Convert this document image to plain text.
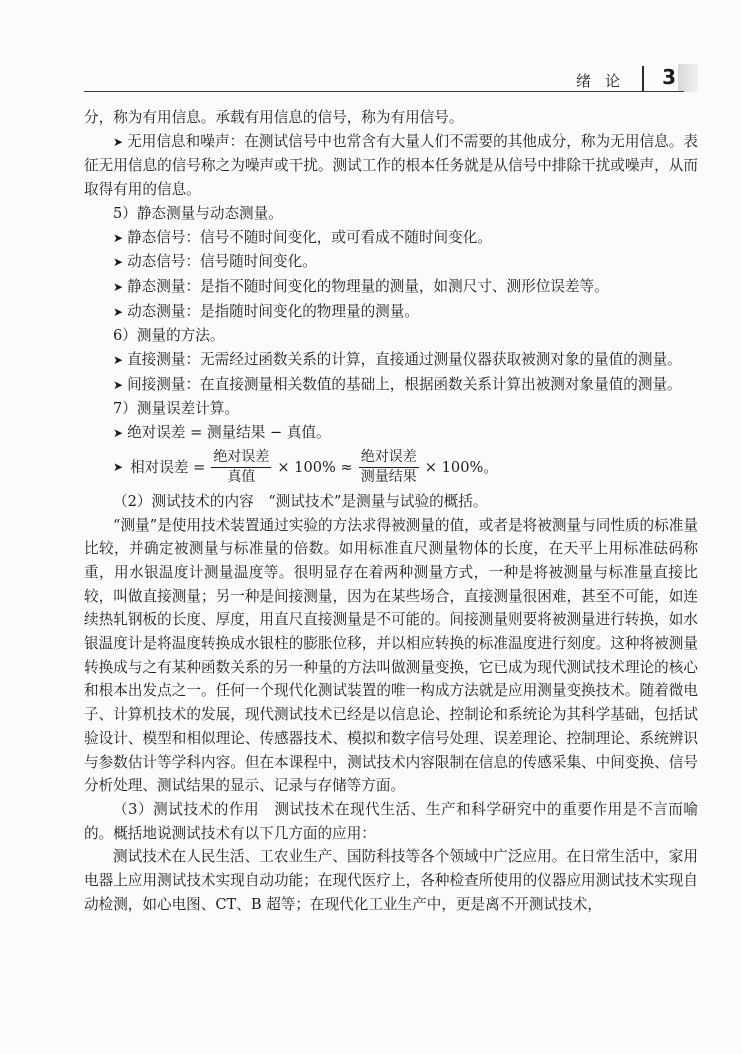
绪论 3

分，称为有用信息。承载有用信息的信号，称为有用信号。

➤ 无用信息和噪声：在测试信号中也常含有大量人们不需要的其他成分，称为无用信息。表征无用信息的信号称之为噪声或干扰。测试工作的根本任务就是从信号中排除干扰或噪声，从而取得有用的信息。

5）静态测量与动态测量。

➤ 静态信号：信号不随时间变化，或可看成不随时间变化。

➤ 动态信号：信号随时间变化。

➤ 静态测量：是指不随时间变化的物理量的测量，如测尺寸、测形位误差等。

➤ 动态测量：是指随时间变化的物理量的测量。

6）测量的方法。

➤ 直接测量：无需经过函数关系的计算，直接通过测量仪器获取被测对象的量值的测量。

➤ 间接测量：在直接测量相关数值的基础上，根据函数关系计算出被测对象量值的测量。

7）测量误差计算。

➤ 绝对误差 = 测量结果 − 真值。

➤ 相对误差 = $\frac{\text{绝对误差}}{\text{真值}} \times 100\% \approx \frac{\text{绝对误差}}{\text{测量结果}} \times 100\%$。

（2）测试技术的内容　“测试技术”是测量与试验的概括。

“测量”是使用技术装置通过实验的方法求得被测量的值，或者是将被测量与同性质的标准量比较，并确定被测量与标准量的倍数。如用标准直尺测量物体的长度，在天平上用标准砝码称重，用水银温度计测量温度等。很明显存在着两种测量方式，一种是将被测量与标准量直接比较，叫做直接测量；另一种是间接测量，因为在某些场合，直接测量很困难，甚至不可能，如连续热轧钢板的长度、厚度，用直尺直接测量是不可能的。间接测量则要将被测量进行转换，如水银温度计是将温度转换成水银柱的膨胀位移，并以相应转换的标准温度进行刻度。这种将被测量转换成与之有某种函数关系的另一种量的方法叫做测量变换，它已成为现代测试技术理论的核心和根本出发点之一。任何一个现代化测试装置的唯一构成方法就是应用测量变换技术。随着微电子、计算机技术的发展，现代测试技术已经是以信息论、控制论和系统论为其科学基础，包括试验设计、模型和相似理论、传感器技术、模拟和数字信号处理、误差理论、控制理论、系统辨识与参数估计等学科内容。但在本课程中，测试技术内容限制在信息的传感采集、中间变换、信号分析处理、测试结果的显示、记录与存储等方面。

（3）测试技术的作用　测试技术在现代生活、生产和科学研究中的重要作用是不言而喻的。概括地说测试技术有以下几方面的应用：

测试技术在人民生活、工农业生产、国防科技等各个领域中广泛应用。在日常生活中，家用电器上应用测试技术实现自动功能；在现代医疗上，各种检查所使用的仪器应用测试技术实现自动检测，如心电图、CT、B 超等；在现代化工业生产中，更是离不开测试技术，
